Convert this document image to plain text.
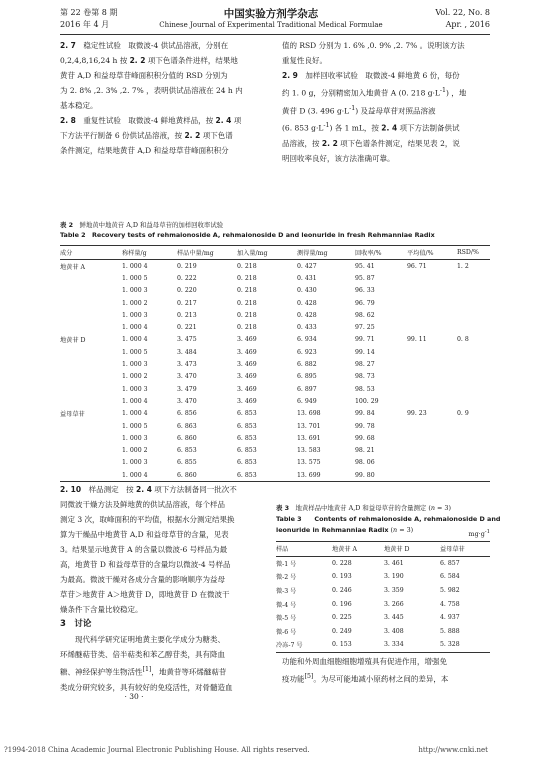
第 22 卷第 8 期
2016 年 4 月
中国实验方剂学杂志
Chinese Journal of Experimental Traditional Medical Formulae
Vol. 22, No. 8
Apr. , 2016

2. 7　稳定性试验　取微波-4 供试品溶液，分别在

0,2,4,8,16,24 h 按 2. 2 项下色谱条件进样，结果地

黄苷 A,D 和益母草苷峰面积积分值的 RSD 分别为

为 2. 8% ,2. 3% ,2. 7% ，表明供试品溶液在 24 h 内

基本稳定。

2. 8　重复性试验　取微波-4 鲜地黄样品，按 2. 4 项

下方法平行制备 6 份供试品溶液，按 2. 2 项下色谱

条件测定，结果地黄苷 A,D 和益母草苷峰面积积分

值的 RSD 分别为 1. 6% ,0. 9% ,2. 7% 。说明该方法

重复性良好。

2. 9　加样回收率试验　取微波-4 鲜地黄 6 份，每份

约 1. 0 g，分别精密加入地黄苷 A (0. 218 $g\cdot L^{-1}$) ，地

黄苷 D (3. 496 $g\cdot L^{-1}$) 及益母草苷对照品溶液

(6. 853 $g\cdot L^{-1}$) 各 1 mL，按 2. 4 项下方法制备供试

品溶液，按 2. 2 项下色谱条件测定，结果见表 2，说

明回收率良好，该方法准确可靠。

表 2　鲜地黄中地黄苷 A,D 和益母草苷的加样回收率试验
Table 2　Recovery tests of rehmaionoside A, rehmaionoside D and leonuride in fresh Rehmanniae Radix
成分	称样量/g	样品中量/mg	加入量/mg	测得量/mg	回收率/%	平均值/%	RSD/%
地黄苷 A	1. 000 4	0. 219	0. 218	0. 427	95. 41	96. 71	1. 2
	1. 000 5	0. 222	0. 218	0. 431	95. 87		
	1. 000 3	0. 220	0. 218	0. 430	96. 33		
	1. 000 2	0. 217	0. 218	0. 428	96. 79		
	1. 000 3	0. 213	0. 218	0. 428	98. 62		
	1. 000 4	0. 221	0. 218	0. 433	97. 25		
地黄苷 D	1. 000 4	3. 475	3. 469	6. 934	99. 71	99. 11	0. 8
	1. 000 5	3. 484	3. 469	6. 923	99. 14		
	1. 000 3	3. 473	3. 469	6. 882	98. 27		
	1. 000 2	3. 470	3. 469	6. 895	98. 73		
	1. 000 3	3. 479	3. 469	6. 897	98. 53		
	1. 000 4	3. 470	3. 469	6. 949	100. 29		
益母草苷	1. 000 4	6. 856	6. 853	13. 698	99. 84	99. 23	0. 9
	1. 000 5	6. 863	6. 853	13. 701	99. 78		
	1. 000 3	6. 860	6. 853	13. 691	99. 68		
	1. 000 2	6. 853	6. 853	13. 583	98. 21		
	1. 000 3	6. 855	6. 853	13. 575	98. 06		
	1. 000 4	6. 860	6. 853	13. 699	99. 80		

2. 10　样品测定　按 2. 4 项下方法制备同一批次不

同微波干燥方法及鲜地黄的供试品溶液，每个样品

测定 3 次，取峰面积的平均值，根据水分测定结果换

算为干燥品中地黄苷 A,D 和益母草苷的含量，见表

3。结果显示地黄苷 A 的含量以微波-6 号样品为最

高，地黄苷 D 和益母草苷的含量均以微波-4 号样品

为最高。微波干燥对各成分含量的影响顺序为益母

草苷＞地黄苷 A＞地黄苷 D，即地黄苷 D 在微波干

燥条件下含量比较稳定。

3　讨论

　　现代科学研究证明地黄主要化学成分为糖类、

环烯醚萜苷类、倍半萜类和苯乙醇苷类，具有降血

糖、神经保护等生物活性[1]，地黄苷等环烯醚萜苷

类成分研究较多，具有较好的免疫活性，对骨髓造血

· 30 ·
表 3　地黄样品中地黄苷 A,D 和益母草苷的含量测定 (n = 3)
Table 3　　Contents of rehmaionoside A, rehmaionoside D and
leonuride in Rehmanniae Radix (n = 3)
$mg\cdot g^{-1}$
样品	地黄苷 A	地黄苷 D	益母草苷
微-1 号	0. 228	3. 461	6. 857
微-2 号	0. 193	3. 190	6. 584
微-3 号	0. 246	3. 359	5. 982
微-4 号	0. 196	3. 266	4. 758
微-5 号	0. 225	3. 445	4. 937
微-6 号	0. 249	3. 408	5. 888
冷冻-7 号	0. 153	3. 334	5. 328

功能和外周血细胞细胞增殖具有促进作用，增强免

疫功能[5]。为尽可能地减小原药材之间的差异，本

?1994-2018 China Academic Journal Electronic Publishing House. All rights reserved.	http://www.cnki.net
